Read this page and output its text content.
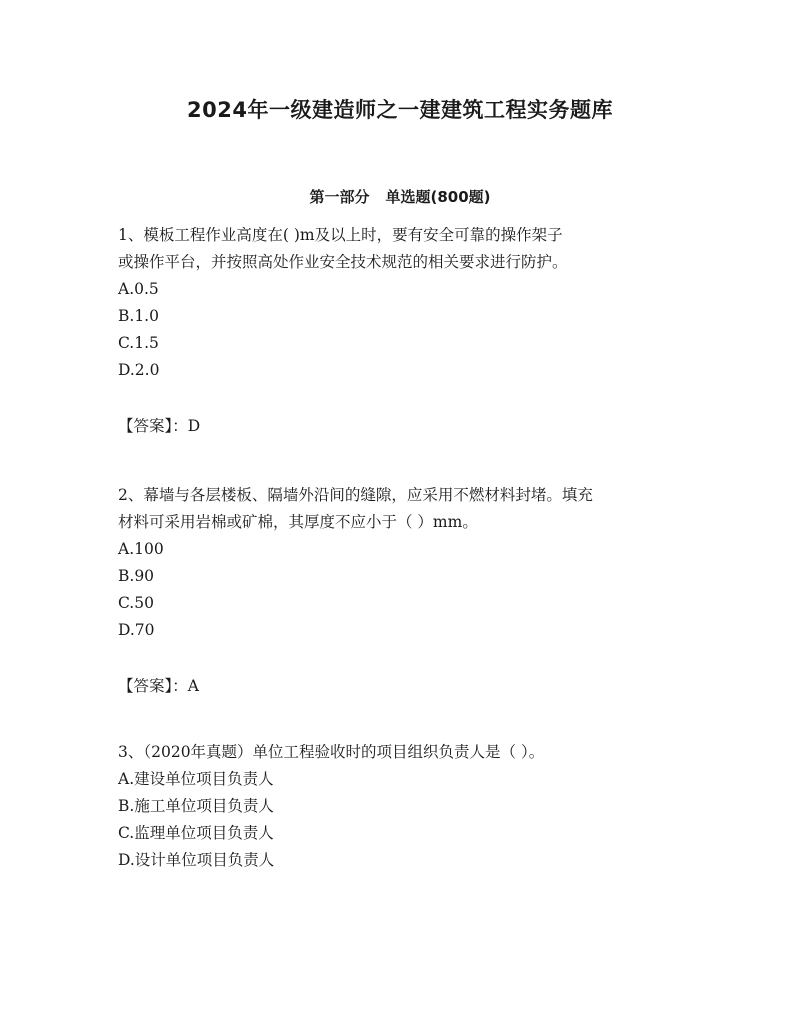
2024年一级建造师之一建建筑工程实务题库
第一部分 单选题(800题)

1、模板工程作业高度在( )m及以上时，要有安全可靠的操作架子

或操作平台，并按照高处作业安全技术规范的相关要求进行防护。

A.0.5

B.1.0

C.1.5

D.2.0

【答案】：D

2、幕墙与各层楼板、隔墙外沿间的缝隙，应采用不燃材料封堵。填充

材料可采用岩棉或矿棉，其厚度不应小于（ ）mm。

A.100

B.90

C.50

D.70

【答案】：A

3、（2020年真题）单位工程验收时的项目组织负责人是（ ）。

A.建设单位项目负责人

B.施工单位项目负责人

C.监理单位项目负责人

D.设计单位项目负责人
